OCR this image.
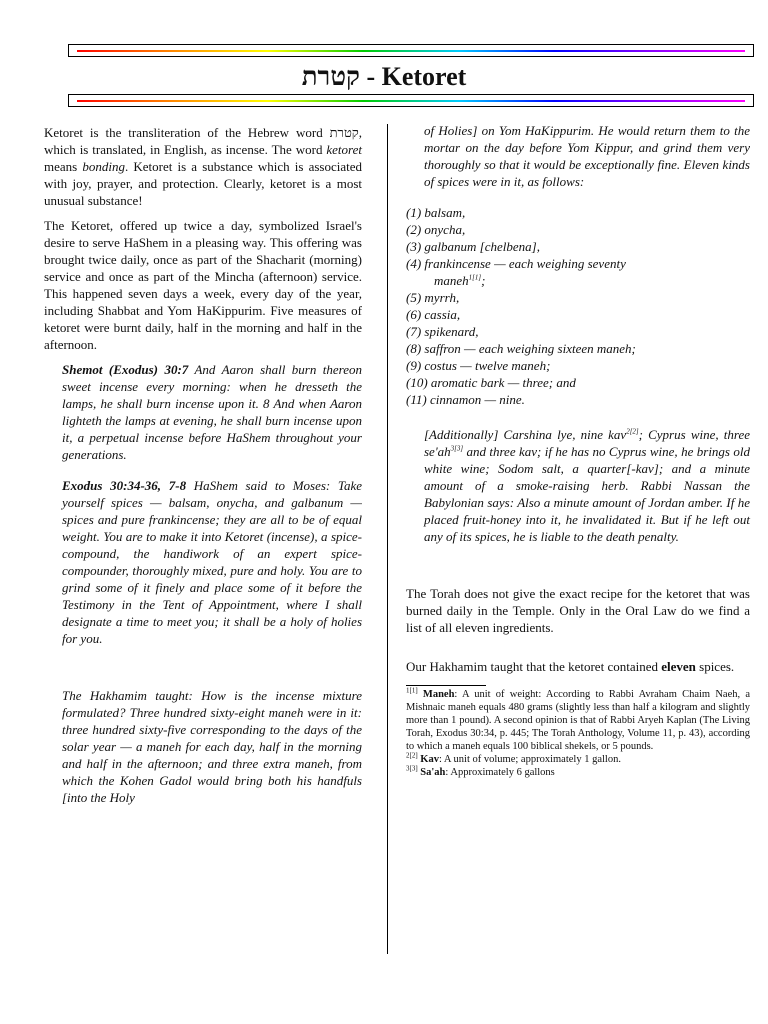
קטרת - Ketoret

Ketoret is the transliteration of the Hebrew word קטרת, which is translated, in English, as incense. The word ketoret means bonding. Ketoret is a substance which is associated with joy, prayer, and protection. Clearly, ketoret is a most unusual substance!

The Ketoret, offered up twice a day, symbolized Israel's desire to serve HaShem in a pleasing way. This offering was brought twice daily, once as part of the Shacharit (morning) service and once as part of the Mincha (afternoon) service. This happened seven days a week, every day of the year, including Shabbat and Yom HaKippurim. Five measures of ketoret were burnt daily, half in the morning and half in the afternoon.

Shemot (Exodus) 30:7 And Aaron shall burn thereon sweet incense every morning: when he dresseth the lamps, he shall burn incense upon it. 8 And when Aaron lighteth the lamps at evening, he shall burn incense upon it, a perpetual incense before HaShem throughout your generations.

Exodus 30:34-36, 7-8 HaShem said to Moses: Take yourself spices — balsam, onycha, and galbanum — spices and pure frankincense; they are all to be of equal weight. You are to make it into Ketoret (incense), a spice-compound, the handiwork of an expert spice-compounder, thoroughly mixed, pure and holy. You are to grind some of it finely and place some of it before the Testimony in the Tent of Appointment, where I shall designate a time to meet you; it shall be a holy of holies for you.

The Hakhamim taught: How is the incense mixture formulated? Three hundred sixty-eight maneh were in it: three hundred sixty-five corresponding to the days of the solar year — a maneh for each day, half in the morning and half in the afternoon; and three extra maneh, from which the Kohen Gadol would bring both his handfuls [into the Holy

of Holies] on Yom HaKippurim. He would return them to the mortar on the day before Yom Kippur, and grind them very thoroughly so that it would be exceptionally fine. Eleven kinds of spices were in it, as follows:

(1) balsam,
(2) onycha,
(3) galbanum [chelbena],
(4) frankincense — each weighing seventy
maneh$^{1[1]}$;
(5) myrrh,
(6) cassia,
(7) spikenard,
(8) saffron — each weighing sixteen maneh;
(9) costus — twelve maneh;
(10) aromatic bark — three; and
(11) cinnamon — nine.

[Additionally] Carshina lye, nine kav$^{2[2]}$; Cyprus wine, three $se'ah^{3[3]}$ and three kav; if he has no Cyprus wine, he brings old white wine; Sodom salt, a quarter[-kav]; and a minute amount of a smoke-raising herb. Rabbi Nassan the Babylonian says: Also a minute amount of Jordan amber. If he placed fruit-honey into it, he invalidated it. But if he left out any of its spices, he is liable to the death penalty.

The Torah does not give the exact recipe for the ketoret that was burned daily in the Temple. Only in the Oral Law do we find a list of all eleven ingredients.

Our Hakhamim taught that the ketoret contained eleven spices.

$^{1[1]}$ Maneh: A unit of weight: According to Rabbi Avraham Chaim Naeh, a Mishnaic maneh equals 480 grams (slightly less than half a kilogram and slightly more than 1 pound). A second opinion is that of Rabbi Aryeh Kaplan (The Living Torah, Exodus 30:34, p. 445; The Torah Anthology, Volume 11, p. 43), according to which a maneh equals 100 biblical shekels, or 5 pounds.

$^{2[2]}$ Kav: A unit of volume; approximately 1 gallon.

$^{3[3]}$ Sa'ah: Approximately 6 gallons
